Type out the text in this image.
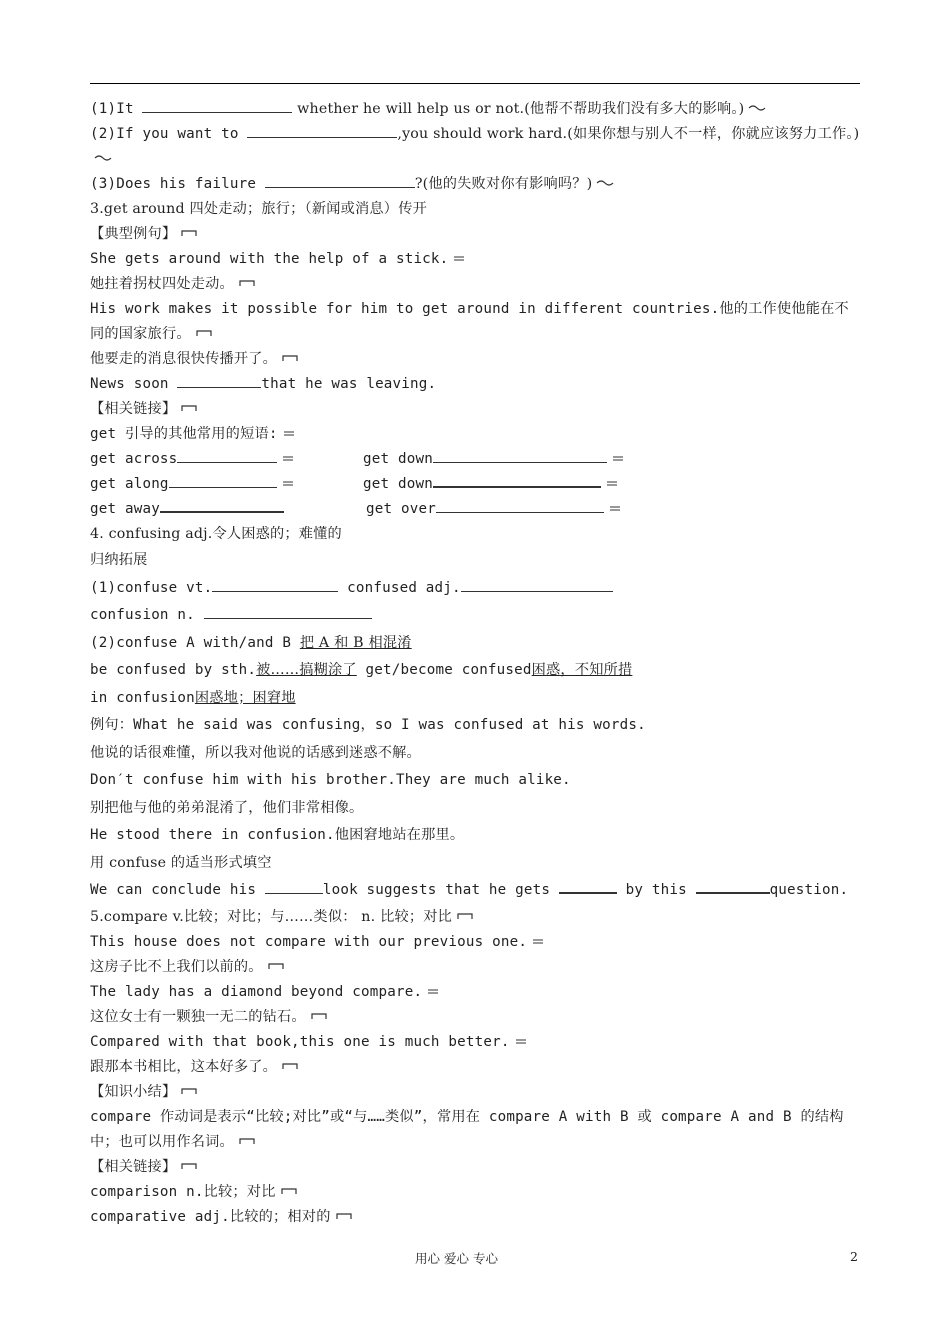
(1)It	whether he will help us or not.(他帮不帮助我们没有多大的影响。)
(2)If you want to	,you should work hard.(如果你想与别人不一样，你就应该努力工作。)
(3)Does his failure	?(他的失败对你有影响吗？)
3.get around 四处走动；旅行；（新闻或消息）传开
【典型例句】
She gets around with the help of a stick.
她拄着拐杖四处走动。
His work makes it possible for him to get around in different countries.他的工作使他能在不同的国家旅行。
他要走的消息很快传播开了。
News soon	that he was leaving.
【相关链接】
get 引导的其他常用的短语:
get across	get down
get along	get down
get away	get over
4. confusing adj.令人困惑的；难懂的
归纳拓展
(1)confuse vt.	confused adj.
confusion n.
(2)confuse A with/and B 把 A 和 B 相混淆
be confused by sth.被……搞糊涂了 get/become confused困惑，不知所措
in confusion困惑地；困窘地
例句：What he said was confusing，so I was confused at his words.
他说的话很难懂，所以我对他说的话感到迷惑不解。
Don′t confuse him with his brother.They are much alike.
别把他与他的弟弟混淆了，他们非常相像。
He stood there in confusion.他困窘地站在那里。
用 confuse 的适当形式填空
We can conclude his	look suggests that he gets	by this	question.
5.compare v.比较；对比；与……类似： n. 比较；对比
This house does not compare with our previous one.
这房子比不上我们以前的。
The lady has a diamond beyond compare.
这位女士有一颗独一无二的钻石。
Compared with that book,this one is much better.
跟那本书相比，这本好多了。
【知识小结】
compare 作动词是表示“比较;对比”或“与……类似”，常用在 compare A with B 或 compare A and B 的结构中；也可以用作名词。
【相关链接】
comparison n.比较；对比
comparative adj.比较的；相对的
用心 爱心 专心	2
